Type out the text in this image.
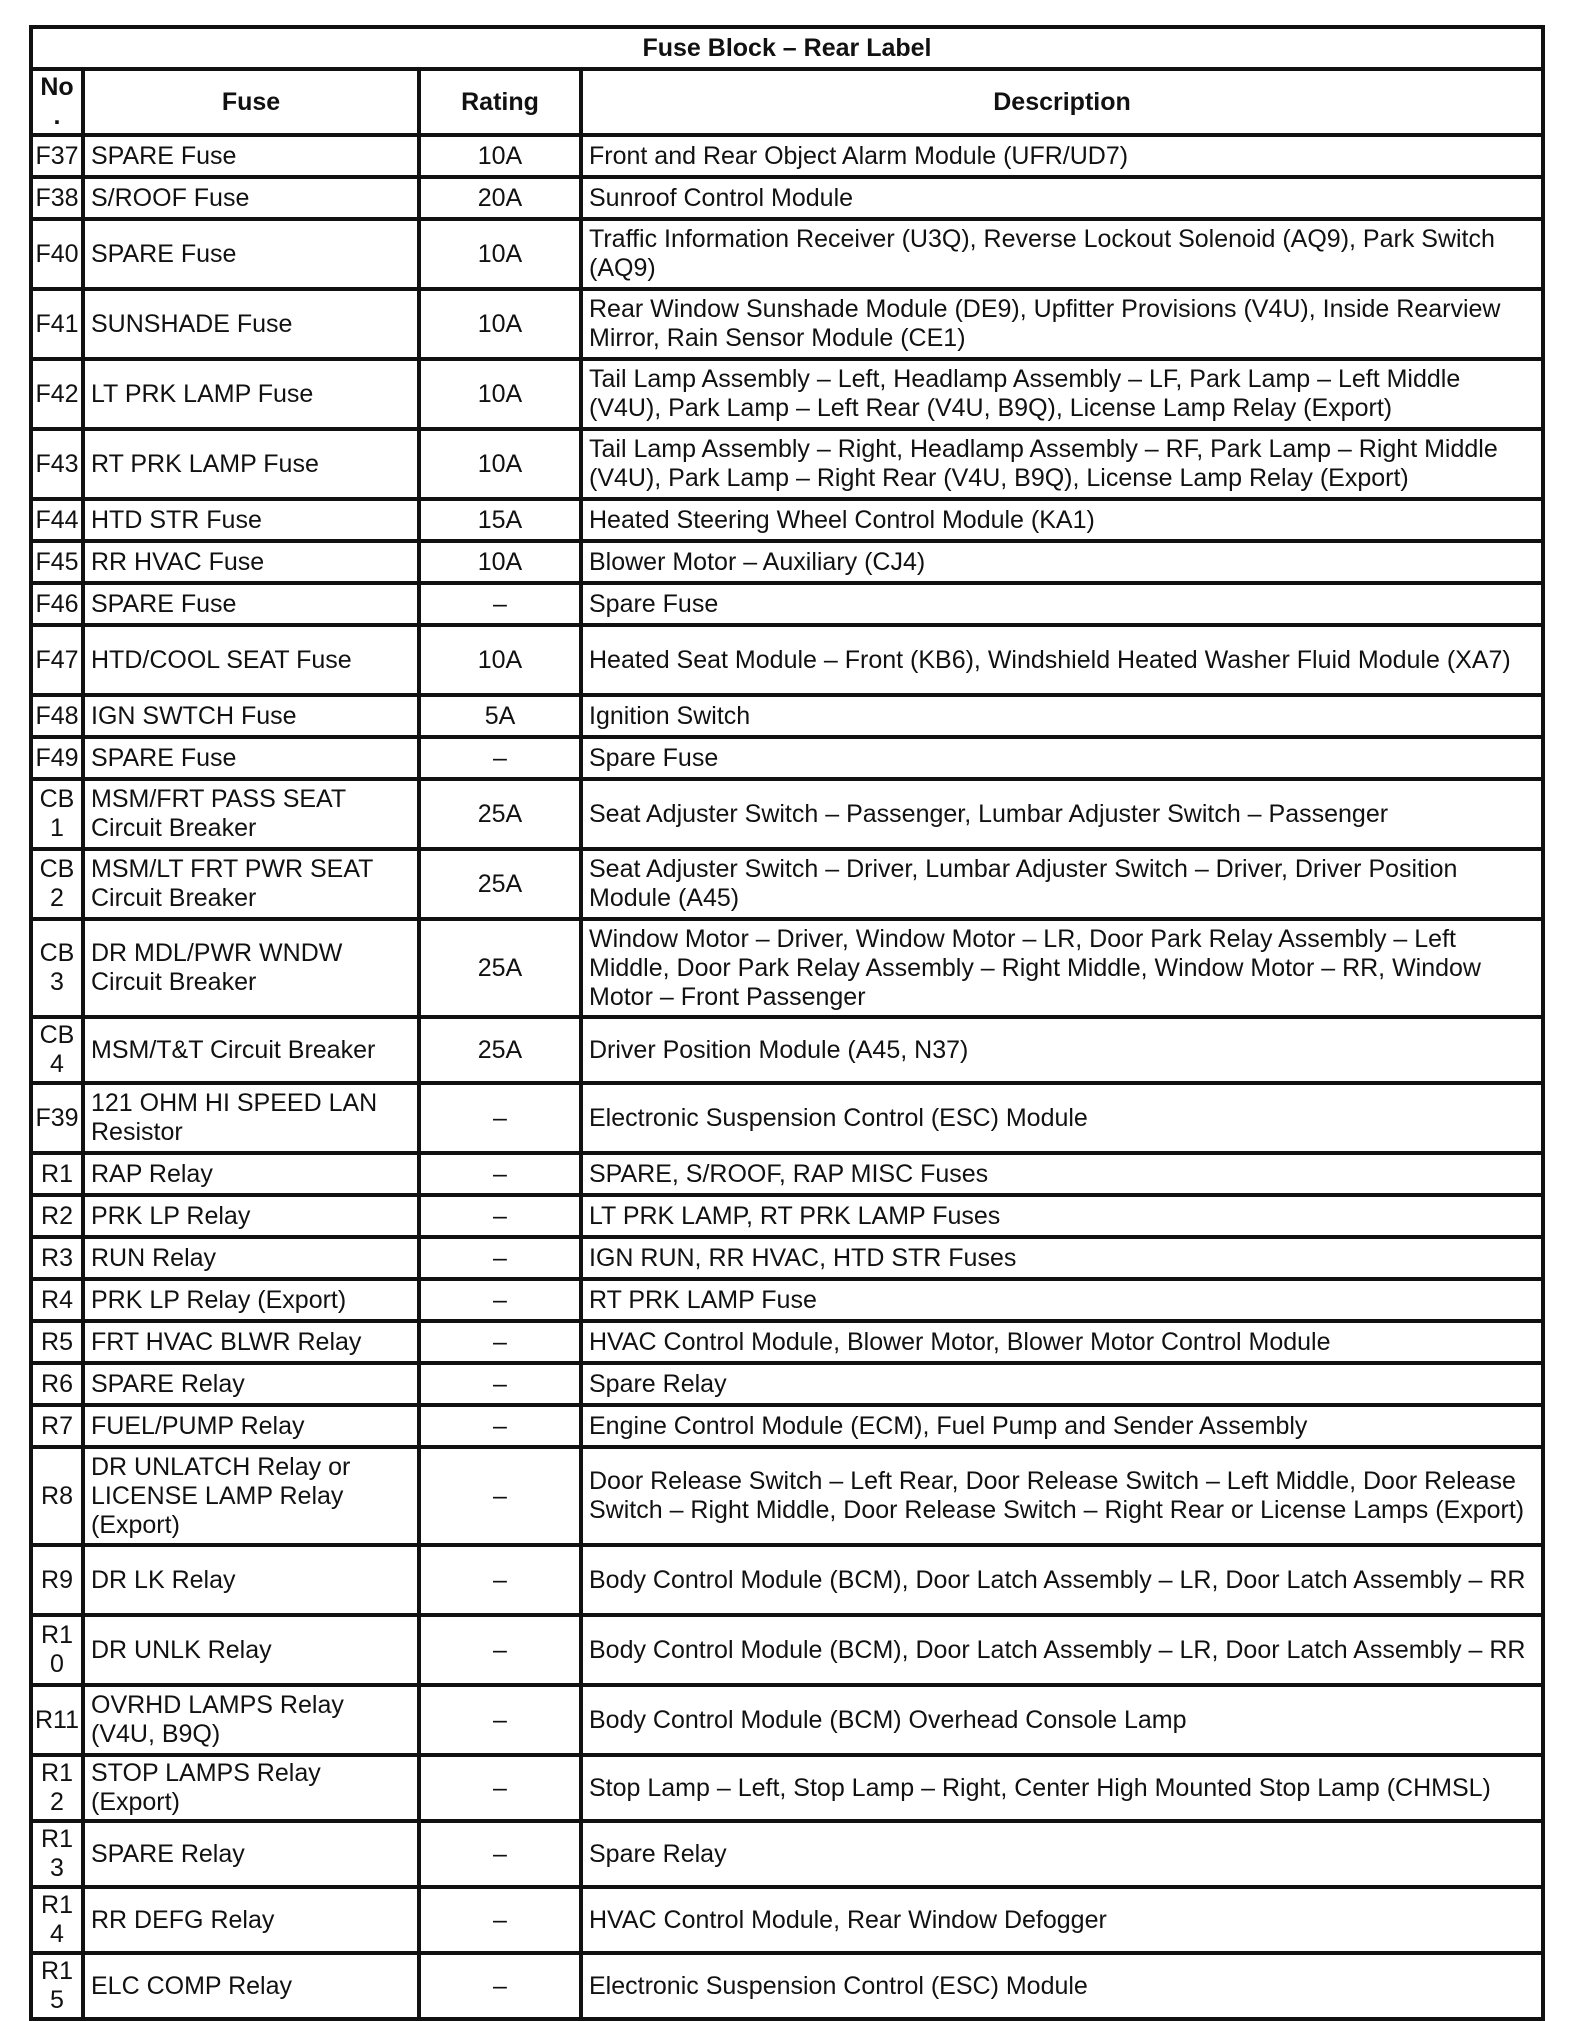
Fuse Block – Rear Label			
No.	Fuse	Rating	Description
F37	SPARE Fuse	10A	Front and Rear Object Alarm Module (UFR/UD7)
F38	S/ROOF Fuse	20A	Sunroof Control Module
F40	SPARE Fuse	10A	Traffic Information Receiver (U3Q), Reverse Lockout Solenoid (AQ9), Park Switch (AQ9)
F41	SUNSHADE Fuse	10A	Rear Window Sunshade Module (DE9), Upfitter Provisions (V4U), Inside Rearview Mirror, Rain Sensor Module (CE1)
F42	LT PRK LAMP Fuse	10A	Tail Lamp Assembly – Left, Headlamp Assembly – LF, Park Lamp – Left Middle (V4U), Park Lamp – Left Rear (V4U, B9Q), License Lamp Relay (Export)
F43	RT PRK LAMP Fuse	10A	Tail Lamp Assembly – Right, Headlamp Assembly – RF, Park Lamp – Right Middle (V4U), Park Lamp – Right Rear (V4U, B9Q), License Lamp Relay (Export)
F44	HTD STR Fuse	15A	Heated Steering Wheel Control Module (KA1)
F45	RR HVAC Fuse	10A	Blower Motor – Auxiliary (CJ4)
F46	SPARE Fuse	–	Spare Fuse
F47	HTD/COOL SEAT Fuse	10A	Heated Seat Module – Front (KB6), Windshield Heated Washer Fluid Module (XA7)
F48	IGN SWTCH Fuse	5A	Ignition Switch
F49	SPARE Fuse	–	Spare Fuse
CB1	MSM/FRT PASS SEAT Circuit Breaker	25A	Seat Adjuster Switch – Passenger, Lumbar Adjuster Switch – Passenger
CB2	MSM/LT FRT PWR SEAT Circuit Breaker	25A	Seat Adjuster Switch – Driver, Lumbar Adjuster Switch – Driver, Driver Position Module (A45)
CB3	DR MDL/PWR WNDW Circuit Breaker	25A	Window Motor – Driver, Window Motor – LR, Door Park Relay Assembly – Left Middle, Door Park Relay Assembly – Right Middle, Window Motor – RR, Window Motor – Front Passenger
CB4	MSM/T&T Circuit Breaker	25A	Driver Position Module (A45, N37)
F39	121 OHM HI SPEED LAN Resistor	–	Electronic Suspension Control (ESC) Module
R1	RAP Relay	–	SPARE, S/ROOF, RAP MISC Fuses
R2	PRK LP Relay	–	LT PRK LAMP, RT PRK LAMP Fuses
R3	RUN Relay	–	IGN RUN, RR HVAC, HTD STR Fuses
R4	PRK LP Relay (Export)	–	RT PRK LAMP Fuse
R5	FRT HVAC BLWR Relay	–	HVAC Control Module, Blower Motor, Blower Motor Control Module
R6	SPARE Relay	–	Spare Relay
R7	FUEL/PUMP Relay	–	Engine Control Module (ECM), Fuel Pump and Sender Assembly
R8	DR UNLATCH Relay or LICENSE LAMP Relay (Export)	–	Door Release Switch – Left Rear, Door Release Switch – Left Middle, Door Release Switch – Right Middle, Door Release Switch – Right Rear or License Lamps (Export)
R9	DR LK Relay	–	Body Control Module (BCM), Door Latch Assembly – LR, Door Latch Assembly – RR
R10	DR UNLK Relay	–	Body Control Module (BCM), Door Latch Assembly – LR, Door Latch Assembly – RR
R11	OVRHD LAMPS Relay (V4U, B9Q)	–	Body Control Module (BCM) Overhead Console Lamp
R12	STOP LAMPS Relay (Export)	–	Stop Lamp – Left, Stop Lamp – Right, Center High Mounted Stop Lamp (CHMSL)
R13	SPARE Relay	–	Spare Relay
R14	RR DEFG Relay	–	HVAC Control Module, Rear Window Defogger
R15	ELC COMP Relay	–	Electronic Suspension Control (ESC) Module
